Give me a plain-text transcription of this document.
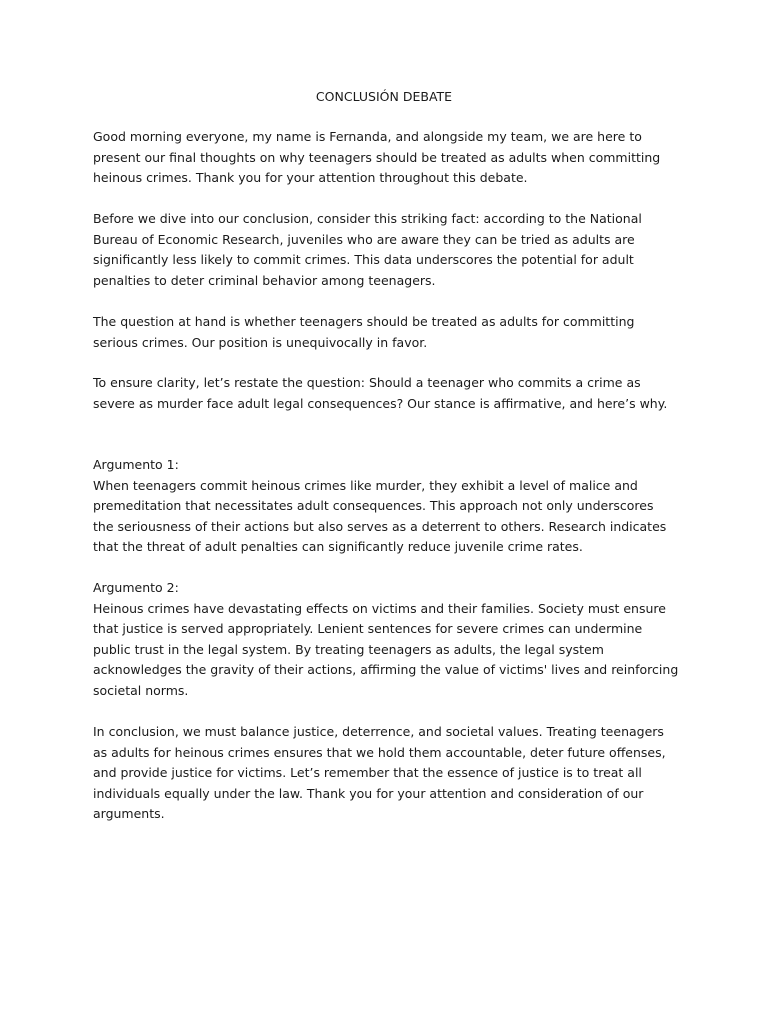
CONCLUSIÓN DEBATE
Good morning everyone, my name is Fernanda, and alongside my team, we are here to
present our final thoughts on why teenagers should be treated as adults when committing
heinous crimes. Thank you for your attention throughout this debate.
Before we dive into our conclusion, consider this striking fact: according to the National
Bureau of Economic Research, juveniles who are aware they can be tried as adults are
significantly less likely to commit crimes. This data underscores the potential for adult
penalties to deter criminal behavior among teenagers.
The question at hand is whether teenagers should be treated as adults for committing
serious crimes. Our position is unequivocally in favor.
To ensure clarity, let’s restate the question: Should a teenager who commits a crime as
severe as murder face adult legal consequences? Our stance is affirmative, and here’s why.
Argumento 1:
When teenagers commit heinous crimes like murder, they exhibit a level of malice and
premeditation that necessitates adult consequences. This approach not only underscores
the seriousness of their actions but also serves as a deterrent to others. Research indicates
that the threat of adult penalties can significantly reduce juvenile crime rates.
Argumento 2:
Heinous crimes have devastating effects on victims and their families. Society must ensure
that justice is served appropriately. Lenient sentences for severe crimes can undermine
public trust in the legal system. By treating teenagers as adults, the legal system
acknowledges the gravity of their actions, affirming the value of victims' lives and reinforcing
societal norms.
In conclusion, we must balance justice, deterrence, and societal values. Treating teenagers
as adults for heinous crimes ensures that we hold them accountable, deter future offenses,
and provide justice for victims. Let’s remember that the essence of justice is to treat all
individuals equally under the law. Thank you for your attention and consideration of our
arguments.
